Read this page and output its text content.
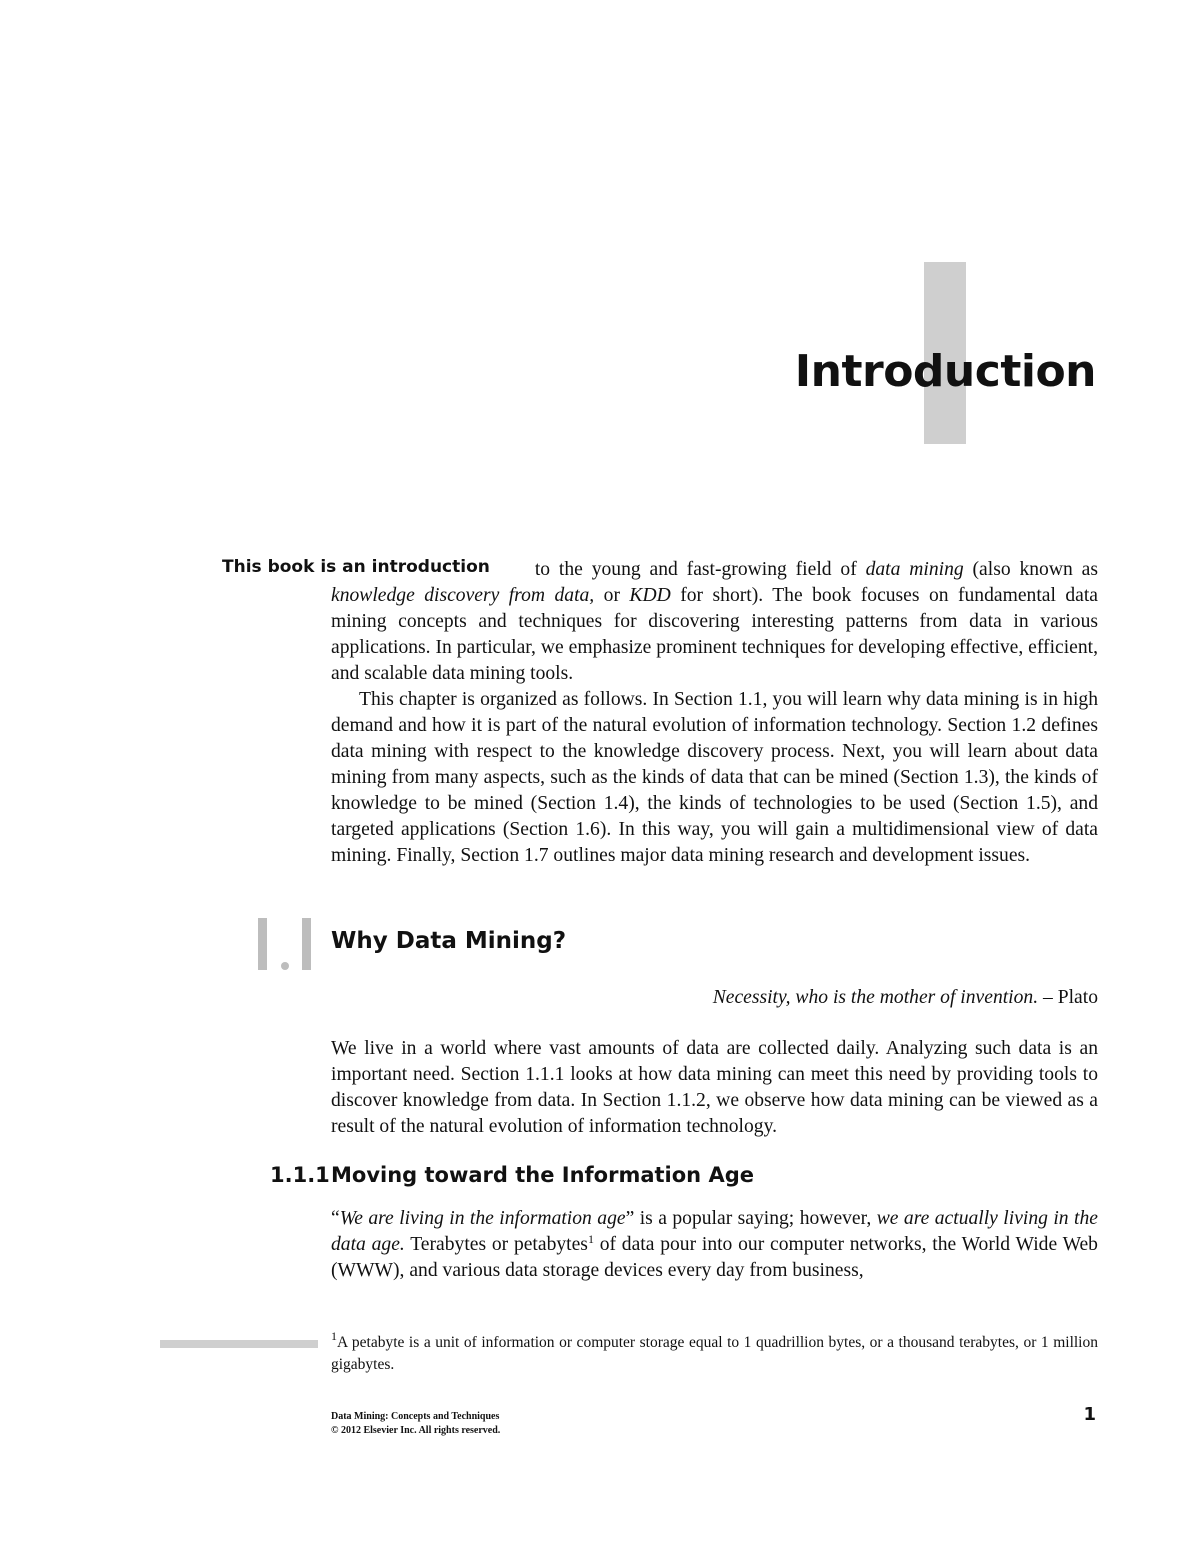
Introduction
This book is an introduction	to the young and fast-growing field of data mining (also known as knowledge discovery from data, or KDD for short). The book focuses on fundamental data mining concepts and techniques for discovering interesting patterns from data in various applications. In particular, we emphasize prominent techniques for developing effective, efficient, and scalable data mining tools.

This chapter is organized as follows. In Section 1.1, you will learn why data mining is in high demand and how it is part of the natural evolution of information technology. Section 1.2 defines data mining with respect to the knowledge discovery process. Next, you will learn about data mining from many aspects, such as the kinds of data that can be mined (Section 1.3), the kinds of knowledge to be mined (Section 1.4), the kinds of technologies to be used (Section 1.5), and targeted applications (Section 1.6). In this way, you will gain a multidimensional view of data mining. Finally, Section 1.7 outlines major data mining research and development issues.

Why Data Mining?
Necessity, who is the mother of invention. – Plato

We live in a world where vast amounts of data are collected daily. Analyzing such data is an important need. Section 1.1.1 looks at how data mining can meet this need by providing tools to discover knowledge from data. In Section 1.1.2, we observe how data mining can be viewed as a result of the natural evolution of information technology.

1.1.1 Moving toward the Information Age

“We are living in the information age” is a popular saying; however, we are actually living in the data age. Terabytes or petabytes$^1$ of data pour into our computer networks, the World Wide Web (WWW), and various data storage devices every day from business,

$^1$A petabyte is a unit of information or computer storage equal to 1 quadrillion bytes, or a thousand terabytes, or 1 million gigabytes.

Data Mining: Concepts and Techniques
© 2012 Elsevier Inc. All rights reserved.
1
